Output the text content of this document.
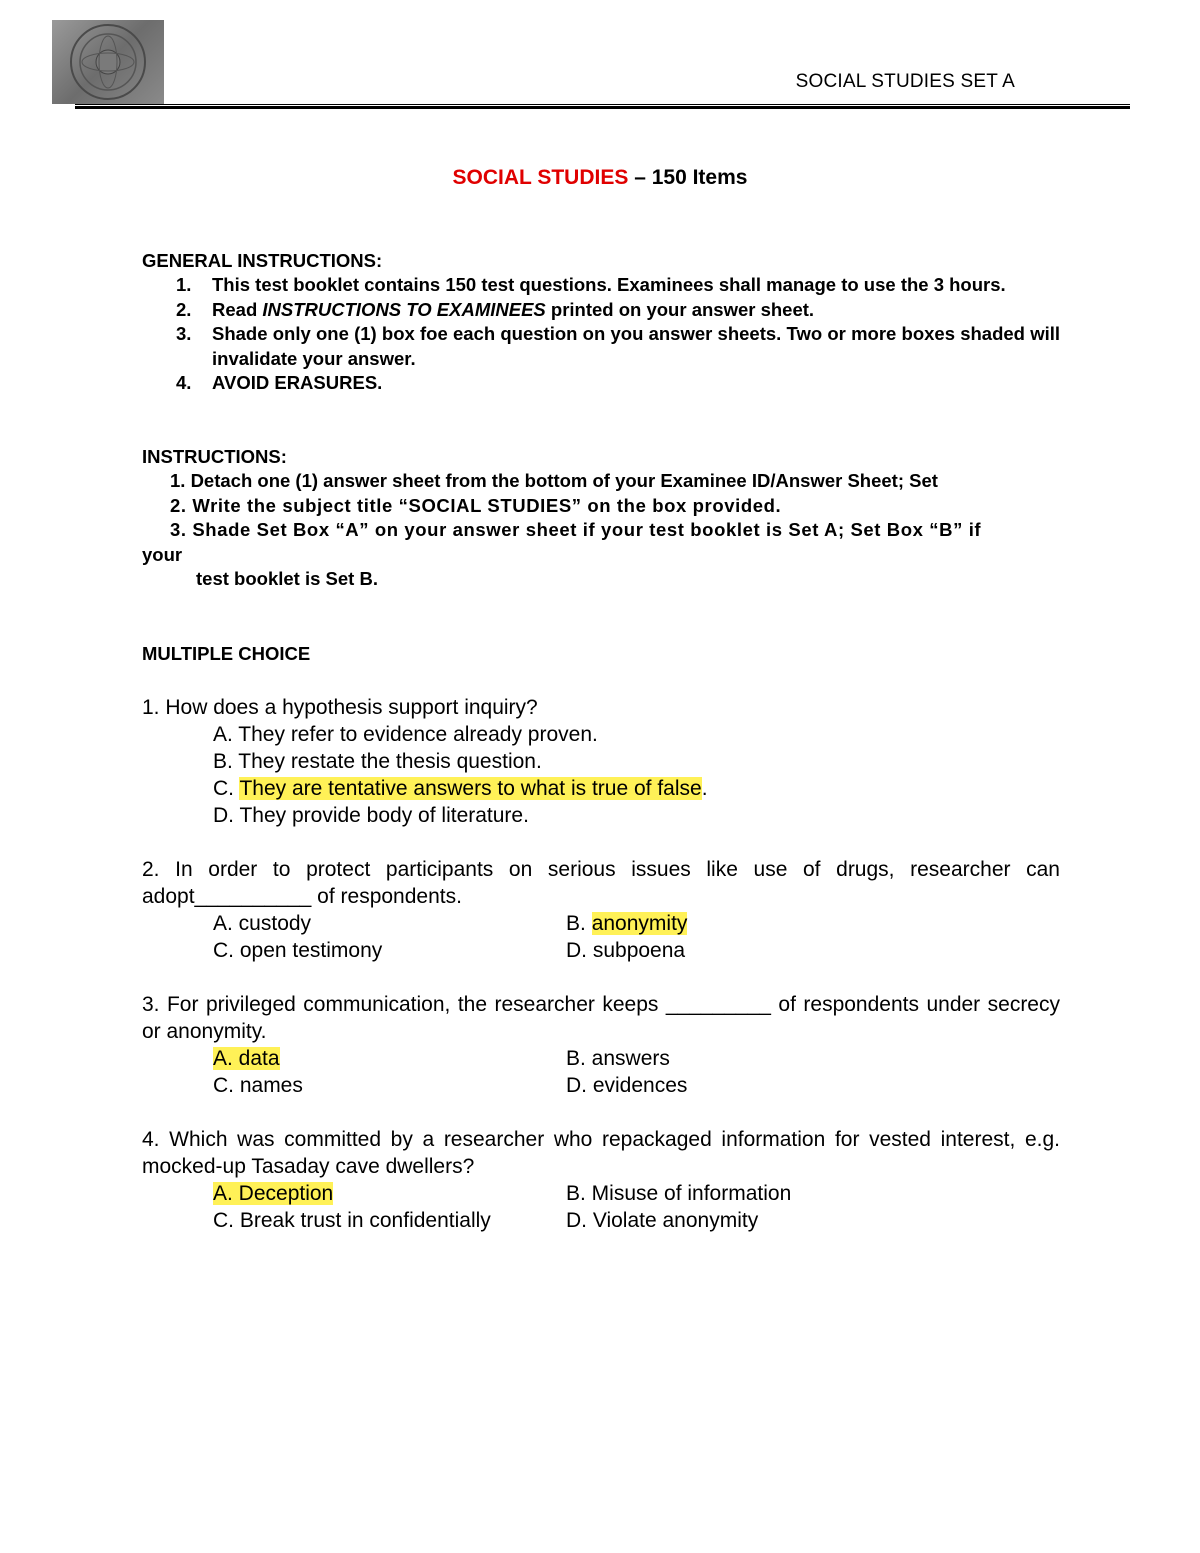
SOCIAL STUDIES SET A
SOCIAL STUDIES – 150 Items

GENERAL INSTRUCTIONS:

1. This test booklet contains 150 test questions. Examinees shall manage to use the 3 hours.
2. Read INSTRUCTIONS TO EXAMINEES printed on your answer sheet.
3. Shade only one (1) box foe each question on you answer sheets. Two or more boxes shaded will invalidate your answer.
4. AVOID ERASURES.
INSTRUCTIONS:
1. Detach one (1) answer sheet from the bottom of your Examinee ID/Answer Sheet; Set
2. Write the subject title “SOCIAL STUDIES” on the box provided.
3. Shade Set Box “A” on your answer sheet if your test booklet is Set A; Set Box “B” if
your
test booklet is Set B.
MULTIPLE CHOICE
1. How does a hypothesis support inquiry?
A. They refer to evidence already proven.
B. They restate the thesis question.
C. They are tentative answers to what is true of false.
D. They provide body of literature.
2. In order to protect participants on serious issues like use of drugs, researcher can adopt__________ of respondents.
A. custody	B. anonymity
C. open testimony	D. subpoena
3. For privileged communication, the researcher keeps _________ of respondents under secrecy or anonymity.
A. data	B. answers
C. names	D. evidences
4. Which was committed by a researcher who repackaged information for vested interest, e.g. mocked-up Tasaday cave dwellers?
A. Deception	B. Misuse of information
C. Break trust in confidentially	D. Violate anonymity
